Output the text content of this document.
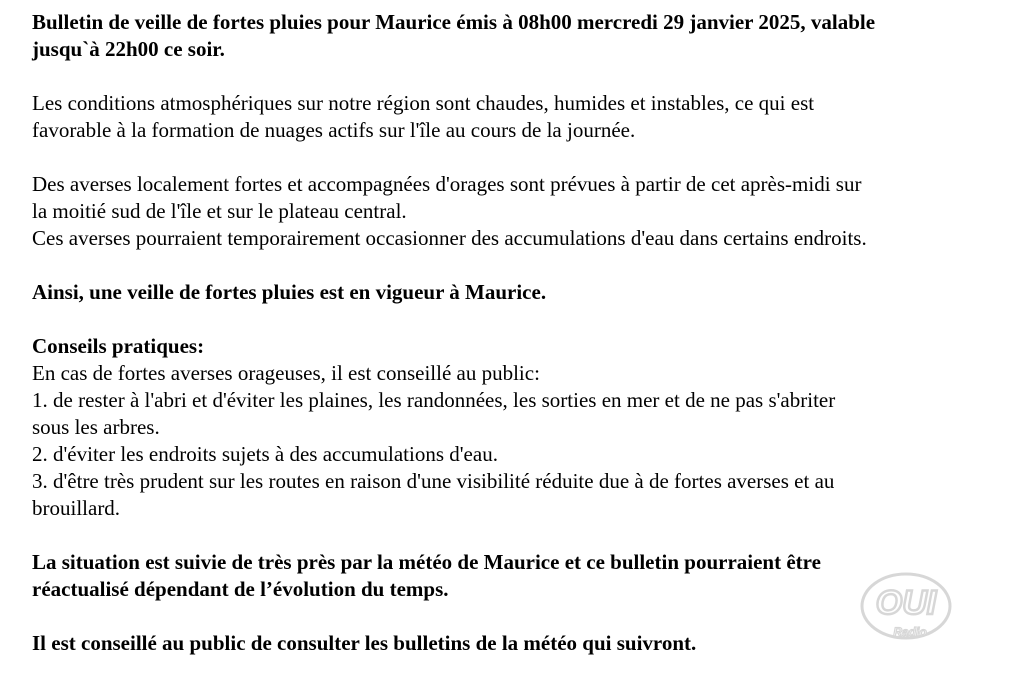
Bulletin de veille de fortes pluies pour Maurice émis à 08h00 mercredi 29 janvier 2025, valable
jusqu`à 22h00 ce soir.
Les conditions atmosphériques sur notre région sont chaudes, humides et instables, ce qui est
favorable à la formation de nuages actifs sur l'île au cours de la journée.
Des averses localement fortes et accompagnées d'orages sont prévues à partir de cet après-midi sur
la moitié sud de l'île et sur le plateau central.
Ces averses pourraient temporairement occasionner des accumulations d'eau dans certains endroits.
Ainsi, une veille de fortes pluies est en vigueur à Maurice.
Conseils pratiques:
En cas de fortes averses orageuses, il est conseillé au public:
1. de rester à l'abri et d'éviter les plaines, les randonnées, les sorties en mer et de ne pas s'abriter
sous les arbres.
2. d'éviter les endroits sujets à des accumulations d'eau.
3. d'être très prudent sur les routes en raison d'une visibilité réduite due à de fortes averses et au
brouillard.
La situation est suivie de très près par la météo de Maurice et ce bulletin pourraient être
réactualisé dépendant de l’évolution du temps.
Il est conseillé au public de consulter les bulletins de la météo qui suivront.
OUI
Radio
